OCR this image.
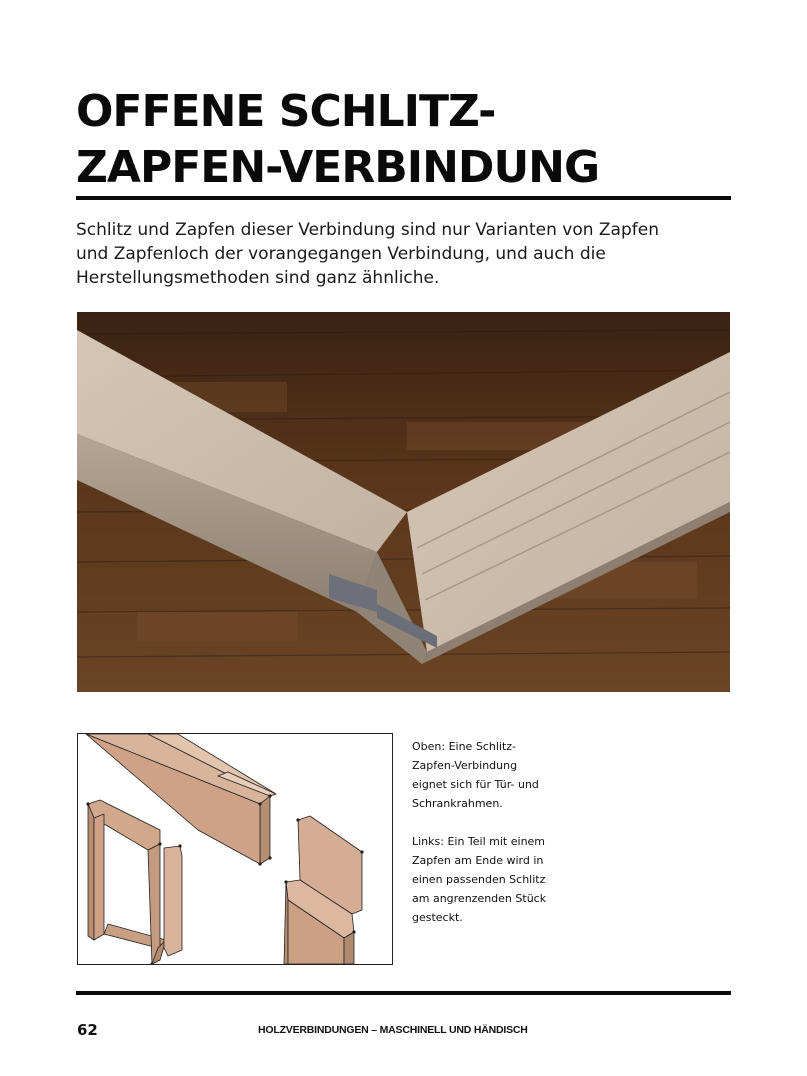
OFFENE SCHLITZ-
ZAPFEN-VERBINDUNG

Schlitz und Zapfen dieser Verbindung sind nur Varianten von Zapfen
und Zapfenloch der vorangegangen Verbindung, und auch die
Herstellungsmethoden sind ganz ähnliche.

Oben: Eine Schlitz-
Zapfen-Verbindung
eignet sich für Tür- und
Schrankrahmen.

Links: Ein Teil mit einem
Zapfen am Ende wird in
einen passenden Schlitz
am angrenzenden Stück
gesteckt.

62	HOLZVERBINDUNGEN – MASCHINELL UND HÄNDISCH
